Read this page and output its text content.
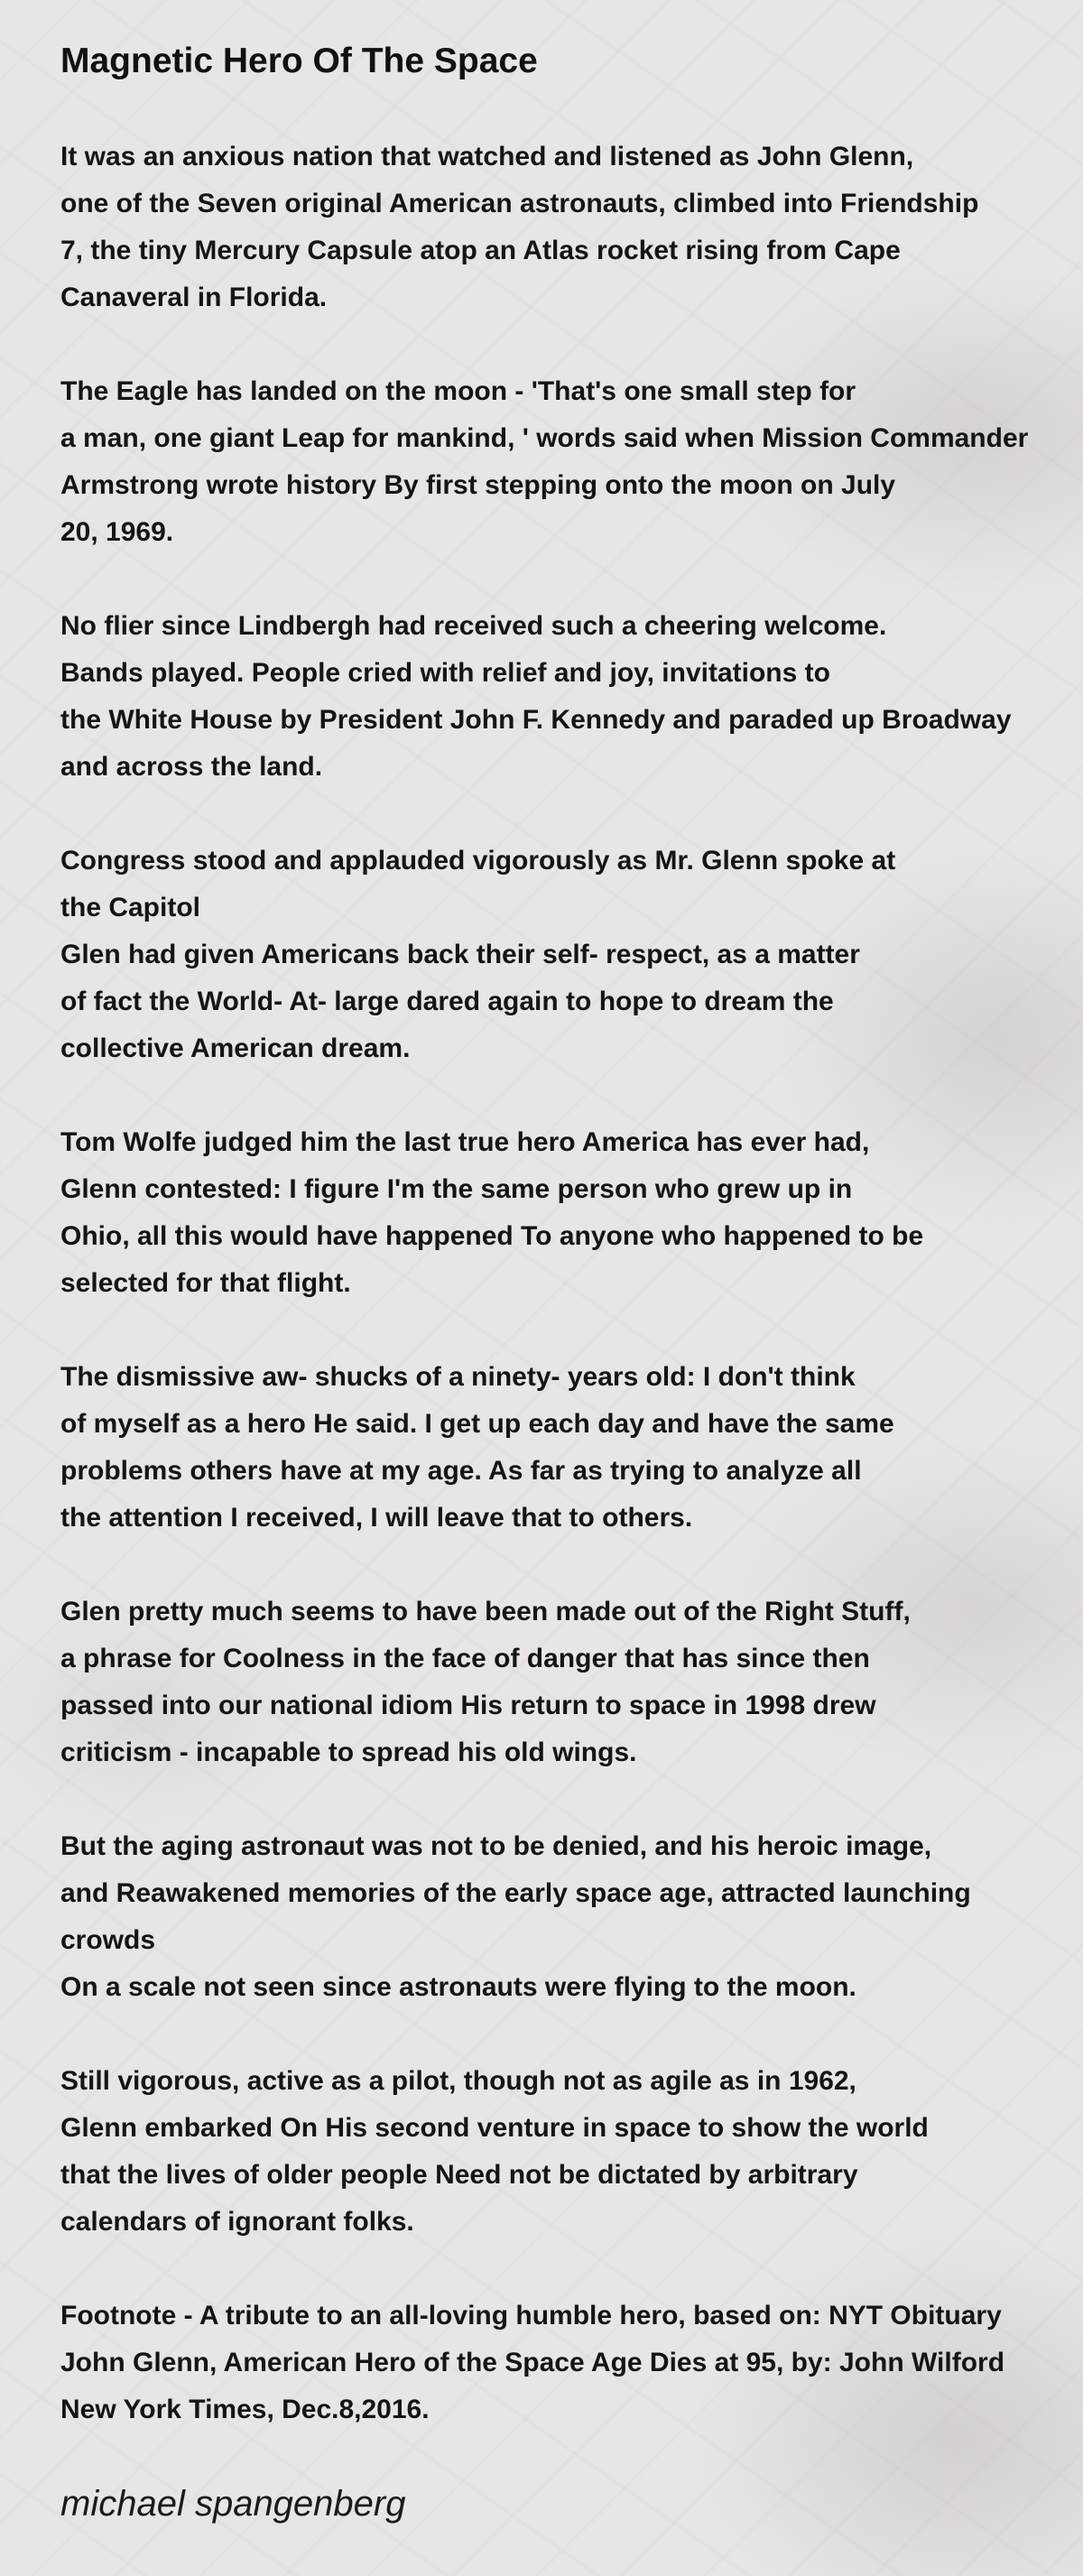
Magnetic Hero Of The Space
It was an anxious nation that watched and listened as John Glenn,
one of the Seven original American astronauts, climbed into Friendship
7, the tiny Mercury Capsule atop an Atlas rocket rising from Cape
Canaveral in Florida.
The Eagle has landed on the moon - 'That's one small step for
a man, one giant Leap for mankind, ' words said when Mission Commander
Armstrong wrote history By first stepping onto the moon on July
20, 1969.
No flier since Lindbergh had received such a cheering welcome.
Bands played. People cried with relief and joy, invitations to
the White House by President John F. Kennedy and paraded up Broadway
and across the land.
Congress stood and applauded vigorously as Mr. Glenn spoke at
the Capitol
Glen had given Americans back their self- respect, as a matter
of fact the World- At- large dared again to hope to dream the
collective American dream.
Tom Wolfe judged him the last true hero America has ever had,
Glenn contested: I figure I'm the same person who grew up in
Ohio, all this would have happened To anyone who happened to be
selected for that flight.
The dismissive aw- shucks of a ninety- years old: I don't think
of myself as a hero He said. I get up each day and have the same
problems others have at my age. As far as trying to analyze all
the attention I received, I will leave that to others.
Glen pretty much seems to have been made out of the Right Stuff,
a phrase for Coolness in the face of danger that has since then
passed into our national idiom His return to space in 1998 drew
criticism - incapable to spread his old wings.
But the aging astronaut was not to be denied, and his heroic image,
and Reawakened memories of the early space age, attracted launching
crowds
On a scale not seen since astronauts were flying to the moon.
Still vigorous, active as a pilot, though not as agile as in 1962,
Glenn embarked On His second venture in space to show the world
that the lives of older people Need not be dictated by arbitrary
calendars of ignorant folks.
Footnote - A tribute to an all-loving humble hero, based on: NYT Obituary
John Glenn, American Hero of the Space Age Dies at 95, by: John Wilford
New York Times, Dec.8,2016.

michael spangenberg
